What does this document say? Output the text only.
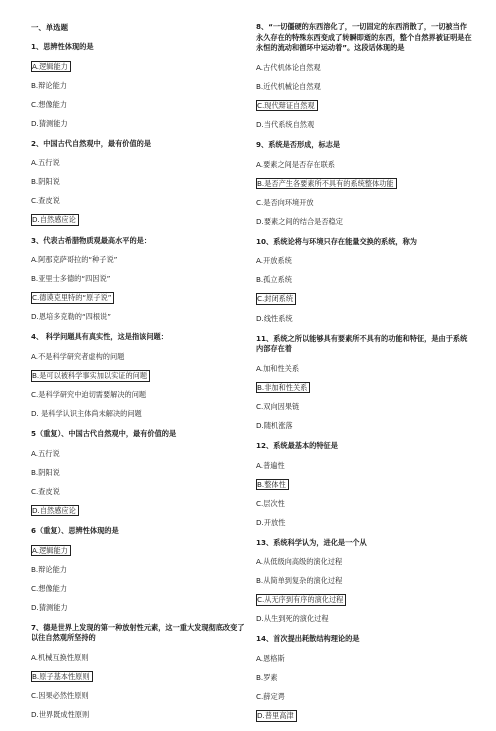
一、单选题
1、思辨性体现的是
A.逻辑能力
B.辩论能力
C.想像能力
D.猜测能力
2、中国古代自然观中，最有价值的是
A.五行说
B.阴阳说
C.查皮说
D.自然感应论
3、代表古希腊物质观最高水平的是：
A.阿那克萨哥拉的“种子说”
B.亚里士多德的“四因说”
C.德谟克里特的“原子说”
D.恩培多克勒的“四根说”
4、 科学问题具有真实性，这是指该问题：
A.不是科学研究者虚构的问题
B.是可以被科学事实加以实证的问题
C.是科学研究中迫切需要解决的问题
D. 是科学认识主体尚未解决的问题
5（重复）、中国古代自然观中，最有价值的是
A.五行说
B.阴阳说
C.查皮说
D.自然感应论
6（重复）、思辨性体现的是
A.逻辑能力
B.辩论能力
C.想像能力
D.猜测能力
7、德是世界上发现的第一种放射性元素，这一重大发现彻底改变了以往自然观所坚持的
A.机械互换性原则
B.原子基本性原则
C.因果必然性原则
D.世界既成性原则
8、“一切僵硬的东西溶化了，一切固定的东西消散了，一切被当作永久存在的特殊东西变成了转瞬即逝的东西，整个自然界被证明是在永恒的流动和循环中运动着”。这段话体现的是
A.古代机体论自然观
B.近代机械论自然观
C.现代辩证自然观
D.当代系统自然观
9、系统是否形成，标志是
A.要素之间是否存在联系
B.是否产生各要素所不具有的系统整体功能
C.是否向环境开放
D.要素之间的结合是否稳定
10、系统论将与环境只存在能量交换的系统，称为
A.开放系统
B.孤立系统
C.封闭系统
D.线性系统
11、系统之所以能够具有要素所不具有的功能和特征，是由于系统内部存在着
A.加和性关系
B.非加和性关系
C.双向因果链
D.随机涨落
12、系统最基本的特征是
A.普遍性
B.整体性
C.层次性
D.开放性
13、系统科学认为，进化是一个从
A.从低级向高级的演化过程
B.从简单到复杂的演化过程
C.从无序到有序的演化过程
D.从生到死的演化过程
14、首次提出耗散结构理论的是
A.恩格斯
B.罗素
C.薛定谔
D.普里高津
